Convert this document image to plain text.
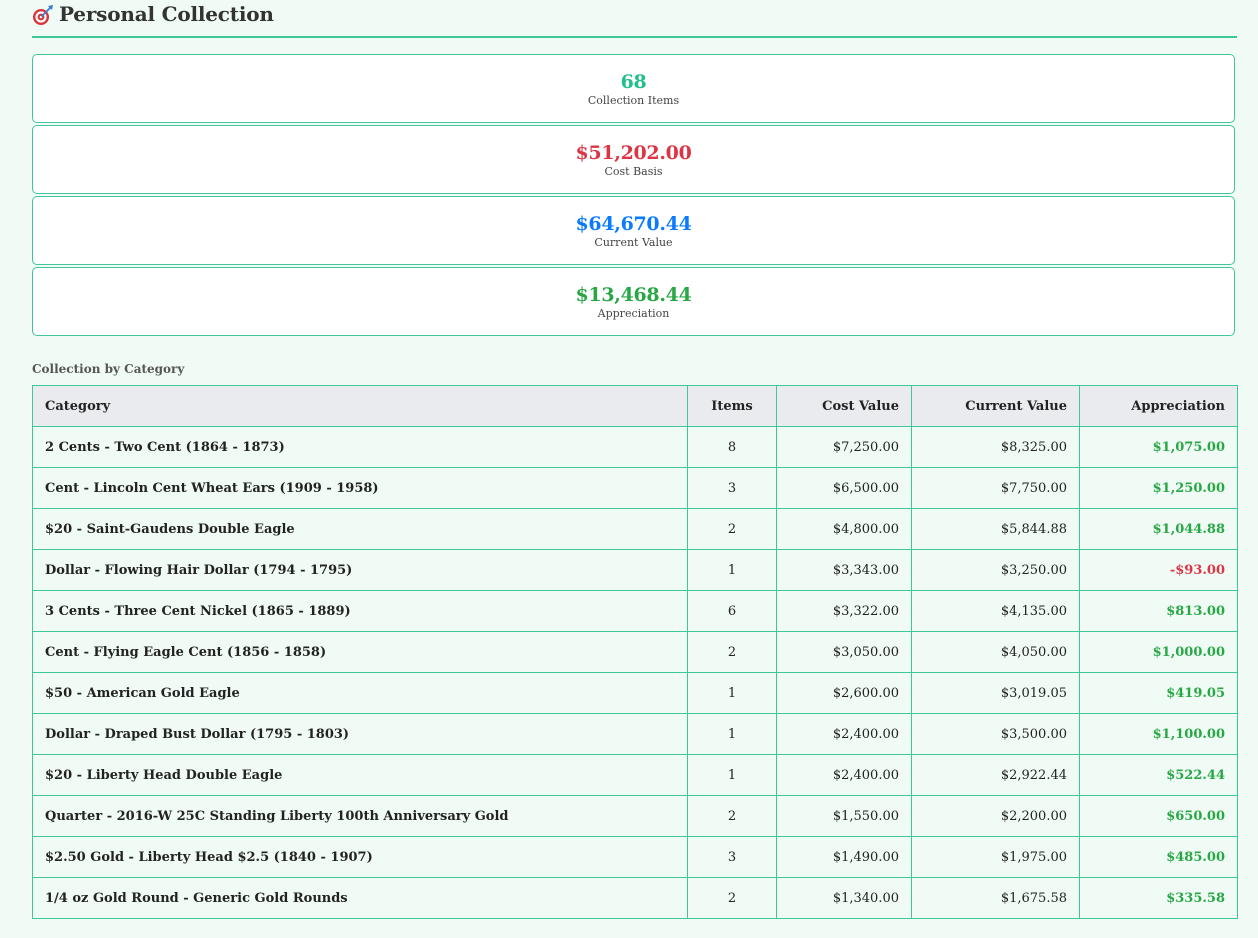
Personal Collection
68
Collection Items
$51,202.00
Cost Basis
$64,670.44
Current Value
$13,468.44
Appreciation
Collection by Category
Category	Items	Cost Value	Current Value	Appreciation
2 Cents - Two Cent (1864 - 1873)	8	$7,250.00	$8,325.00	$1,075.00
Cent - Lincoln Cent Wheat Ears (1909 - 1958)	3	$6,500.00	$7,750.00	$1,250.00
$20 - Saint-Gaudens Double Eagle	2	$4,800.00	$5,844.88	$1,044.88
Dollar - Flowing Hair Dollar (1794 - 1795)	1	$3,343.00	$3,250.00	-$93.00
3 Cents - Three Cent Nickel (1865 - 1889)	6	$3,322.00	$4,135.00	$813.00
Cent - Flying Eagle Cent (1856 - 1858)	2	$3,050.00	$4,050.00	$1,000.00
$50 - American Gold Eagle	1	$2,600.00	$3,019.05	$419.05
Dollar - Draped Bust Dollar (1795 - 1803)	1	$2,400.00	$3,500.00	$1,100.00
$20 - Liberty Head Double Eagle	1	$2,400.00	$2,922.44	$522.44
Quarter - 2016-W 25C Standing Liberty 100th Anniversary Gold	2	$1,550.00	$2,200.00	$650.00
$2.50 Gold - Liberty Head $2.5 (1840 - 1907)	3	$1,490.00	$1,975.00	$485.00
1/4 oz Gold Round - Generic Gold Rounds	2	$1,340.00	$1,675.58	$335.58
